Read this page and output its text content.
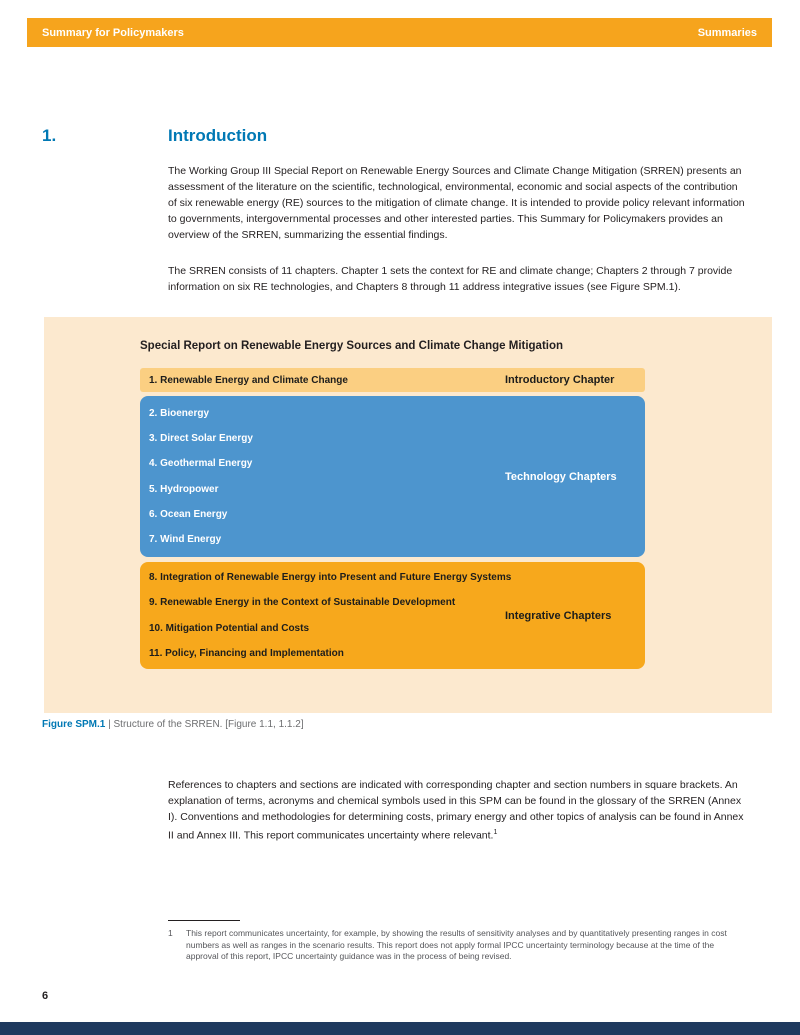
Summary for Policymakers	Summaries
1.	Introduction

The Working Group III Special Report on Renewable Energy Sources and Climate Change Mitigation (SRREN) presents an assessment of the literature on the scientific, technological, environmental, economic and social aspects of the contribution of six renewable energy (RE) sources to the mitigation of climate change. It is intended to provide policy relevant information to governments, intergovernmental processes and other interested parties. This Summary for Policymakers provides an overview of the SRREN, summarizing the essential findings.

The SRREN consists of 11 chapters. Chapter 1 sets the context for RE and climate change; Chapters 2 through 7 provide information on six RE technologies, and Chapters 8 through 11 address integrative issues (see Figure SPM.1).

Special Report on Renewable Energy Sources and Climate Change Mitigation
1. Renewable Energy and Climate Change	Introductory Chapter
2. Bioenergy
3. Direct Solar Energy
4. Geothermal Energy
5. Hydropower
6. Ocean Energy
7. Wind Energy
Technology Chapters
8. Integration of Renewable Energy into Present and Future Energy Systems
9. Renewable Energy in the Context of Sustainable Development
10. Mitigation Potential and Costs
11. Policy, Financing and Implementation
Integrative Chapters

Figure SPM.1 | Structure of the SRREN. [Figure 1.1, 1.1.2]

References to chapters and sections are indicated with corresponding chapter and section numbers in square brackets. An explanation of terms, acronyms and chemical symbols used in this SPM can be found in the glossary of the SRREN (Annex I). Conventions and methodologies for determining costs, primary energy and other topics of analysis can be found in Annex II and Annex III. This report communicates uncertainty where relevant.$^1$

1	This report communicates uncertainty, for example, by showing the results of sensitivity analyses and by quantitatively presenting ranges in cost numbers as well as ranges in the scenario results. This report does not apply formal IPCC uncertainty terminology because at the time of the approval of this report, IPCC uncertainty guidance was in the process of being revised.
6
